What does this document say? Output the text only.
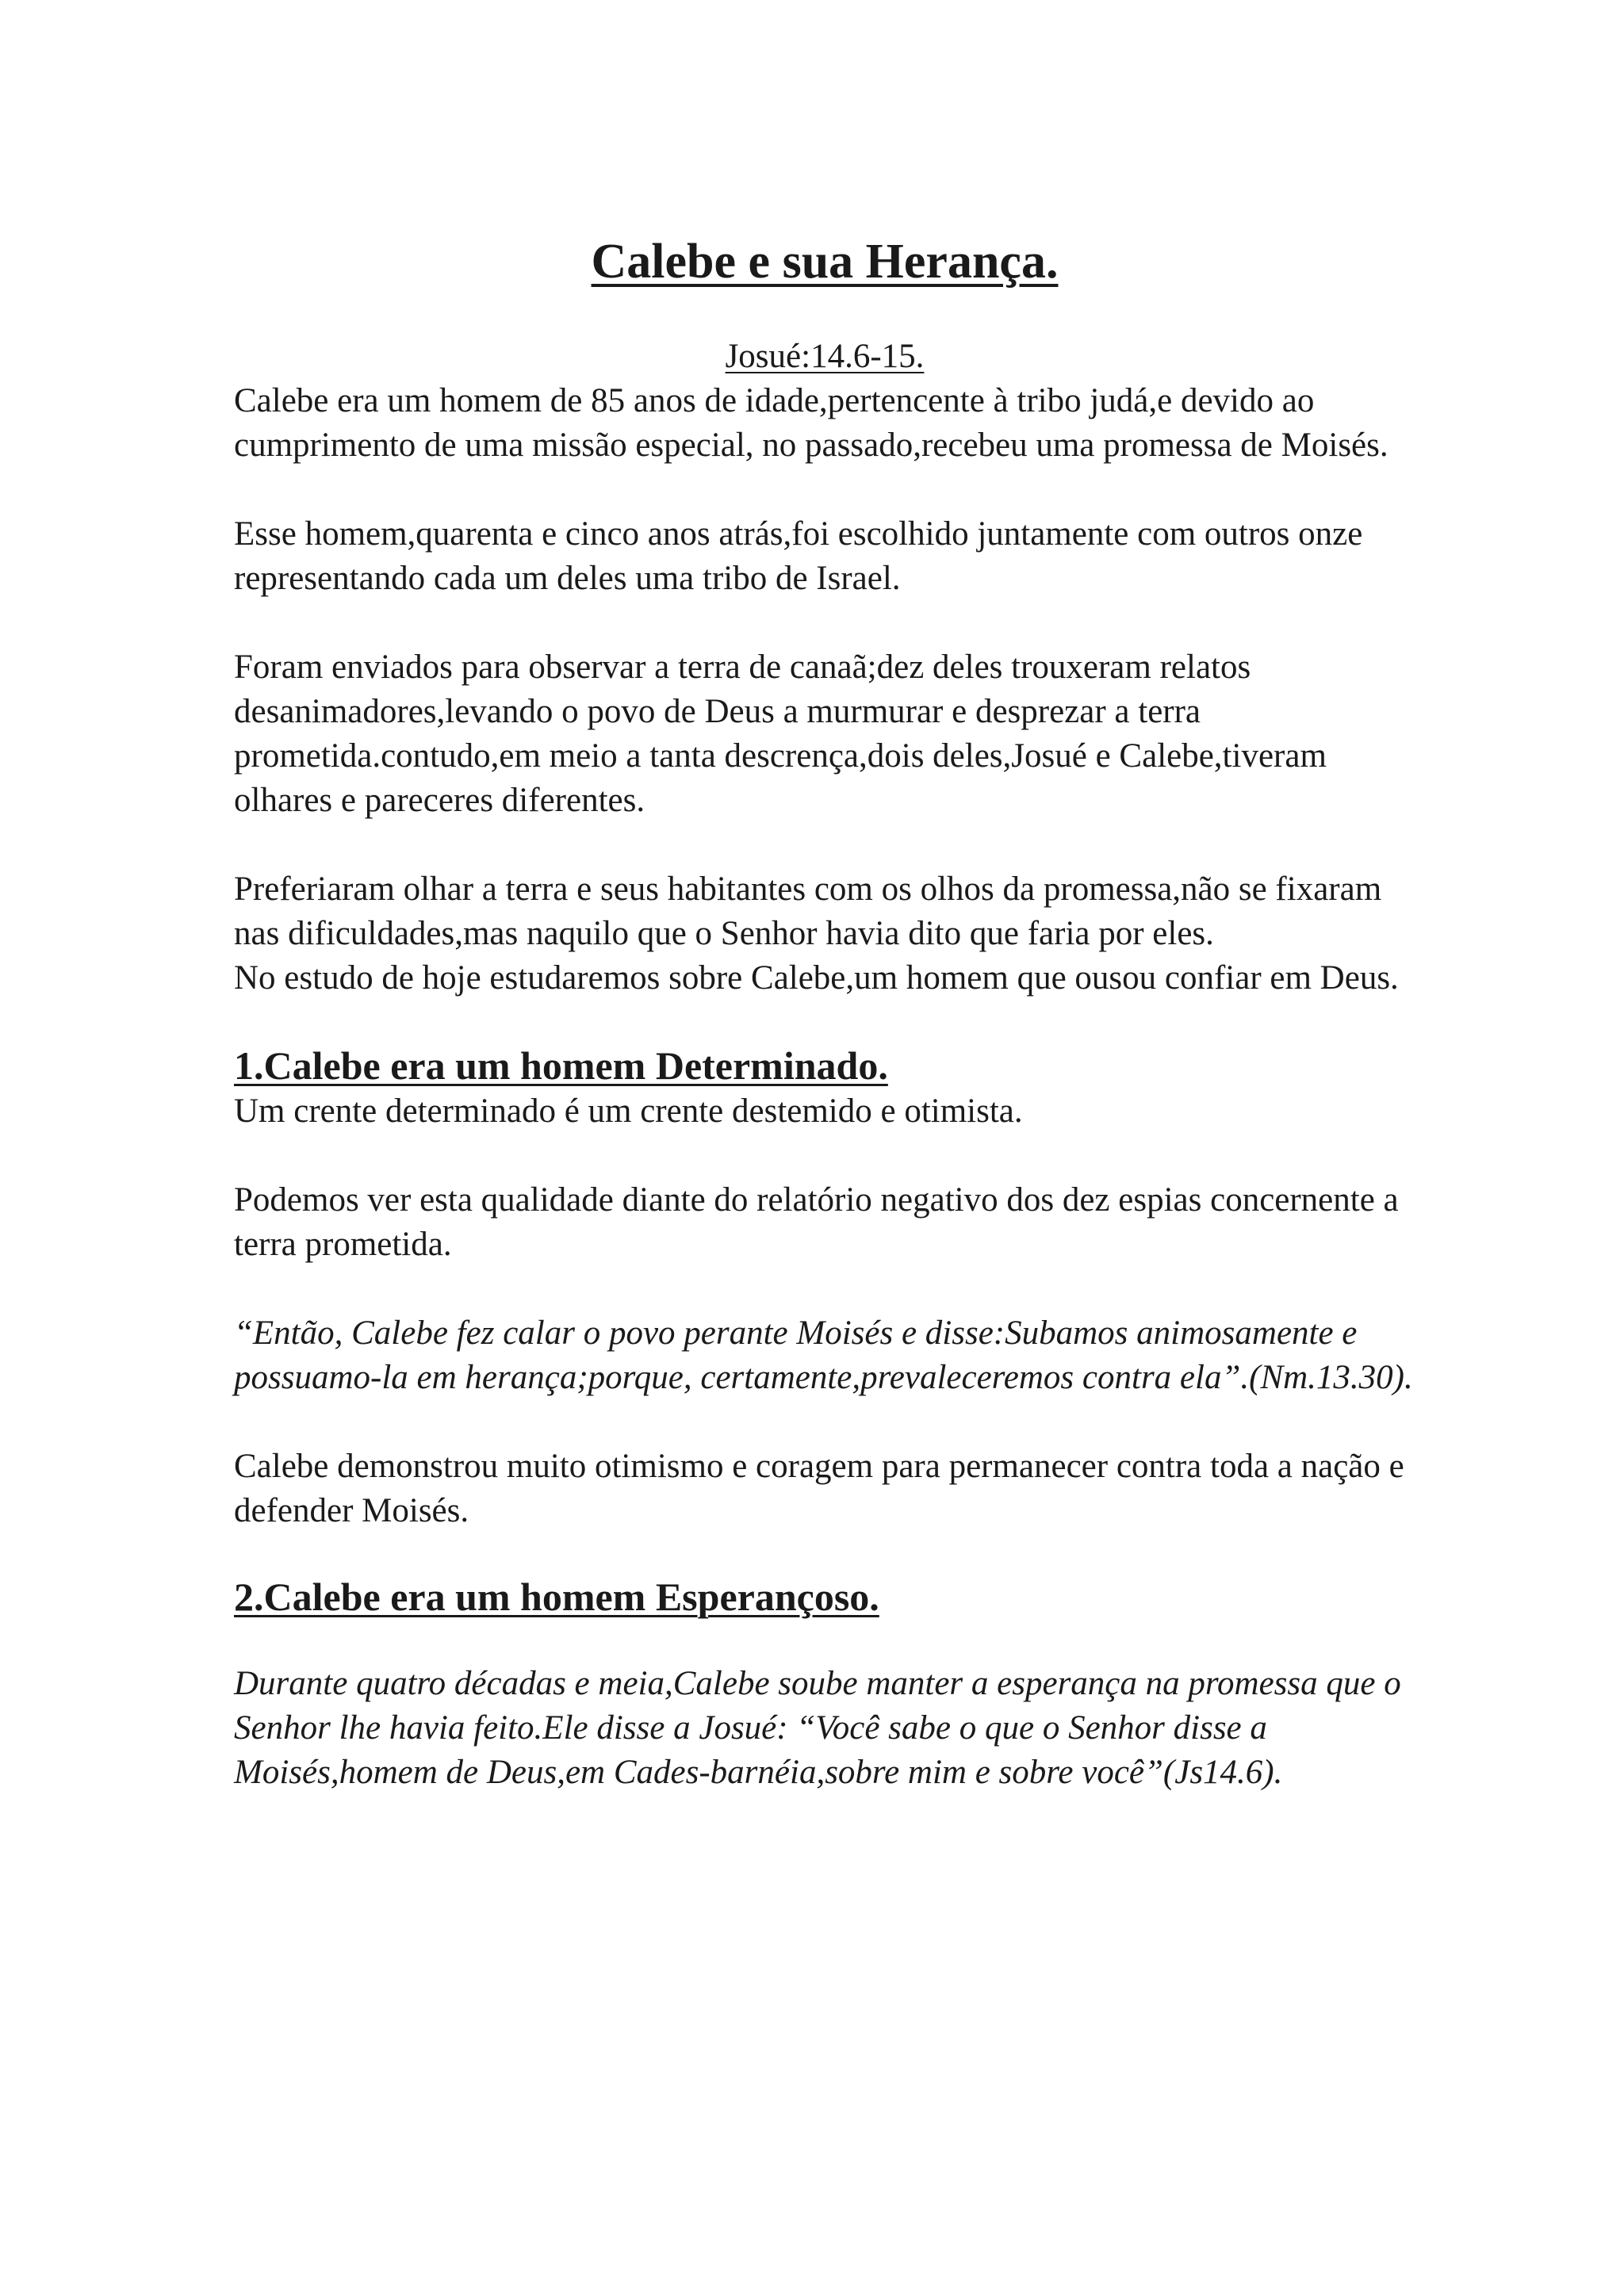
Calebe e sua Herança.

Josué:14.6-15.

Calebe era um homem de 85 anos de idade,pertencente à tribo judá,e devido ao cumprimento de uma missão especial, no passado,recebeu uma promessa de Moisés.

Esse homem,quarenta e cinco anos atrás,foi escolhido juntamente com outros onze representando cada um deles uma tribo de Israel.

Foram enviados para observar a terra de canaã;dez deles trouxeram relatos desanimadores,levando o povo de Deus a murmurar e desprezar a terra prometida.contudo,em meio a tanta descrença,dois deles,Josué e Calebe,tiveram olhares e pareceres diferentes.

Preferiaram olhar a terra e seus habitantes com os olhos da promessa,não se fixaram nas dificuldades,mas naquilo que o Senhor havia dito que faria por eles.

No estudo de hoje estudaremos sobre Calebe,um homem que ousou confiar em Deus.

1.Calebe era um homem Determinado.

Um crente determinado é um crente destemido e otimista.

Podemos ver esta qualidade diante do relatório negativo dos dez espias concernente a terra prometida.

“Então, Calebe fez calar o povo perante Moisés e disse:Subamos animosamente e possuamo-la em herança;porque, certamente,prevaleceremos contra ela”.(Nm.13.30).

Calebe demonstrou muito otimismo e coragem para permanecer contra toda a nação e defender Moisés.

2.Calebe era um homem Esperançoso.

Durante quatro décadas e meia,Calebe soube manter a esperança na promessa que o Senhor lhe havia feito.Ele disse a Josué: “Você sabe o que o Senhor disse a Moisés,homem de Deus,em Cades-barnéia,sobre mim e sobre você”(Js14.6).
